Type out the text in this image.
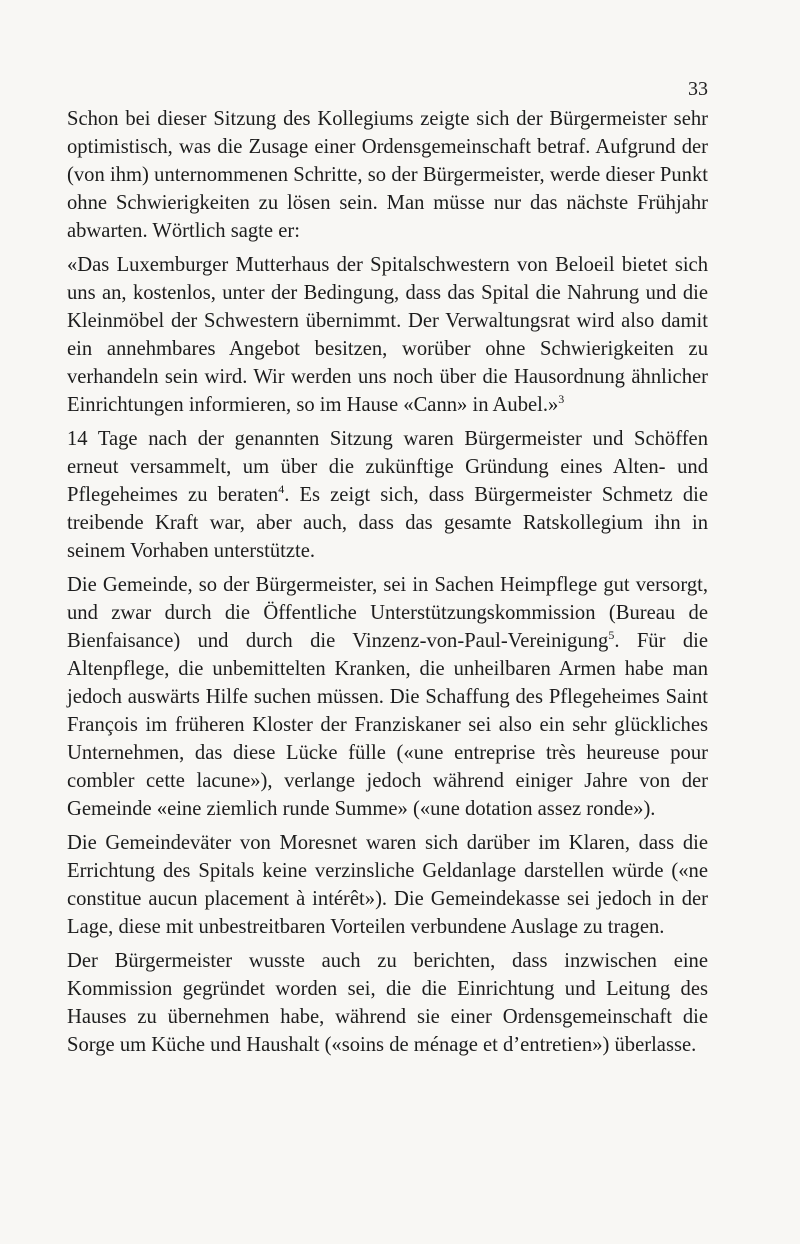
33

Schon bei dieser Sitzung des Kollegiums zeigte sich der Bürgermeister sehr optimistisch, was die Zusage einer Ordensgemeinschaft betraf. Aufgrund der (von ihm) unternommenen Schritte, so der Bürgermeister, werde dieser Punkt ohne Schwierigkeiten zu lösen sein. Man müsse nur das nächste Frühjahr abwarten. Wörtlich sagte er:

«Das Luxemburger Mutterhaus der Spitalschwestern von Beloeil bietet sich uns an, kostenlos, unter der Bedingung, dass das Spital die Nahrung und die Kleinmöbel der Schwestern übernimmt. Der Verwaltungsrat wird also damit ein annehmbares Angebot besitzen, worüber ohne Schwierigkeiten zu verhandeln sein wird. Wir werden uns noch über die Hausordnung ähnlicher Einrichtungen informieren, so im Hause «Cann» in Aubel.»$^3$

14 Tage nach der genannten Sitzung waren Bürgermeister und Schöffen erneut versammelt, um über die zukünftige Gründung eines Alten- und Pflegeheimes zu beraten$^4$. Es zeigt sich, dass Bürgermeister Schmetz die treibende Kraft war, aber auch, dass das gesamte Ratskollegium ihn in seinem Vorhaben unterstützte.

Die Gemeinde, so der Bürgermeister, sei in Sachen Heimpflege gut versorgt, und zwar durch die Öffentliche Unterstützungskommission (Bureau de Bienfaisance) und durch die Vinzenz-von-Paul-Vereinigung$^5$. Für die Altenpflege, die unbemittelten Kranken, die unheilbaren Armen habe man jedoch auswärts Hilfe suchen müssen. Die Schaffung des Pflegeheimes Saint François im früheren Kloster der Franziskaner sei also ein sehr glückliches Unternehmen, das diese Lücke fülle («une entreprise très heureuse pour combler cette lacune»), verlange jedoch während einiger Jahre von der Gemeinde «eine ziemlich runde Summe» («une dotation assez ronde»).

Die Gemeindeväter von Moresnet waren sich darüber im Klaren, dass die Errichtung des Spitals keine verzinsliche Geldanlage darstellen würde («ne constitue aucun placement à intérêt»). Die Gemeindekasse sei jedoch in der Lage, diese mit unbestreitbaren Vorteilen verbundene Auslage zu tragen.

Der Bürgermeister wusste auch zu berichten, dass inzwischen eine Kommission gegründet worden sei, die die Einrichtung und Leitung des Hauses zu übernehmen habe, während sie einer Ordensgemeinschaft die Sorge um Küche und Haushalt («soins de ménage et d’entretien») überlasse.
